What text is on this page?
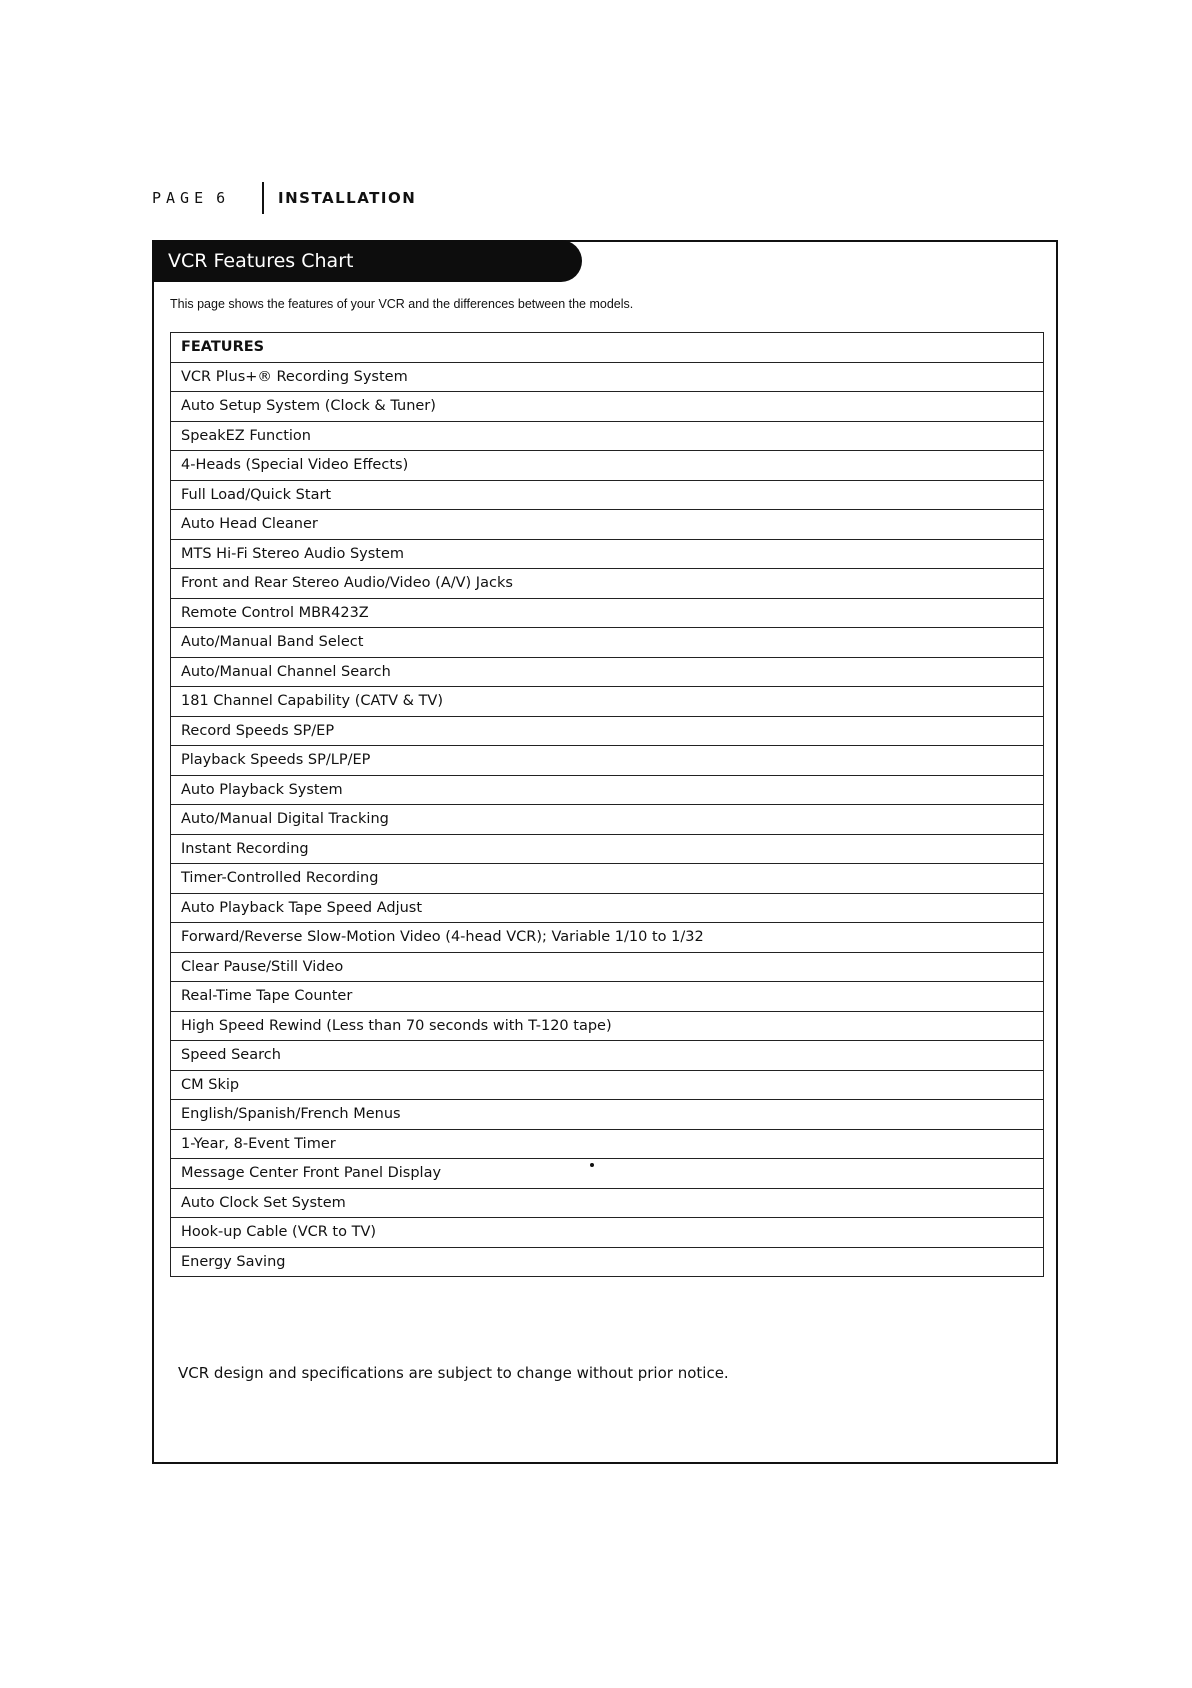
PAGE 6	INSTALLATION
VCR Features Chart
This page shows the features of your VCR and the differences between the models.
FEATURES
VCR Plus+® Recording System
Auto Setup System (Clock & Tuner)
SpeakEZ Function
4-Heads (Special Video Effects)
Full Load/Quick Start
Auto Head Cleaner
MTS Hi-Fi Stereo Audio System
Front and Rear Stereo Audio/Video (A/V) Jacks
Remote Control MBR423Z
Auto/Manual Band Select
Auto/Manual Channel Search
181 Channel Capability (CATV & TV)
Record Speeds SP/EP
Playback Speeds SP/LP/EP
Auto Playback System
Auto/Manual Digital Tracking
Instant Recording
Timer-Controlled Recording
Auto Playback Tape Speed Adjust
Forward/Reverse Slow-Motion Video (4-head VCR); Variable 1/10 to 1/32
Clear Pause/Still Video
Real-Time Tape Counter
High Speed Rewind (Less than 70 seconds with T-120 tape)
Speed Search
CM Skip
English/Spanish/French Menus
1-Year, 8-Event Timer
Message Center Front Panel Display
Auto Clock Set System
Hook-up Cable (VCR to TV)
Energy Saving
VCR design and specifications are subject to change without prior notice.
